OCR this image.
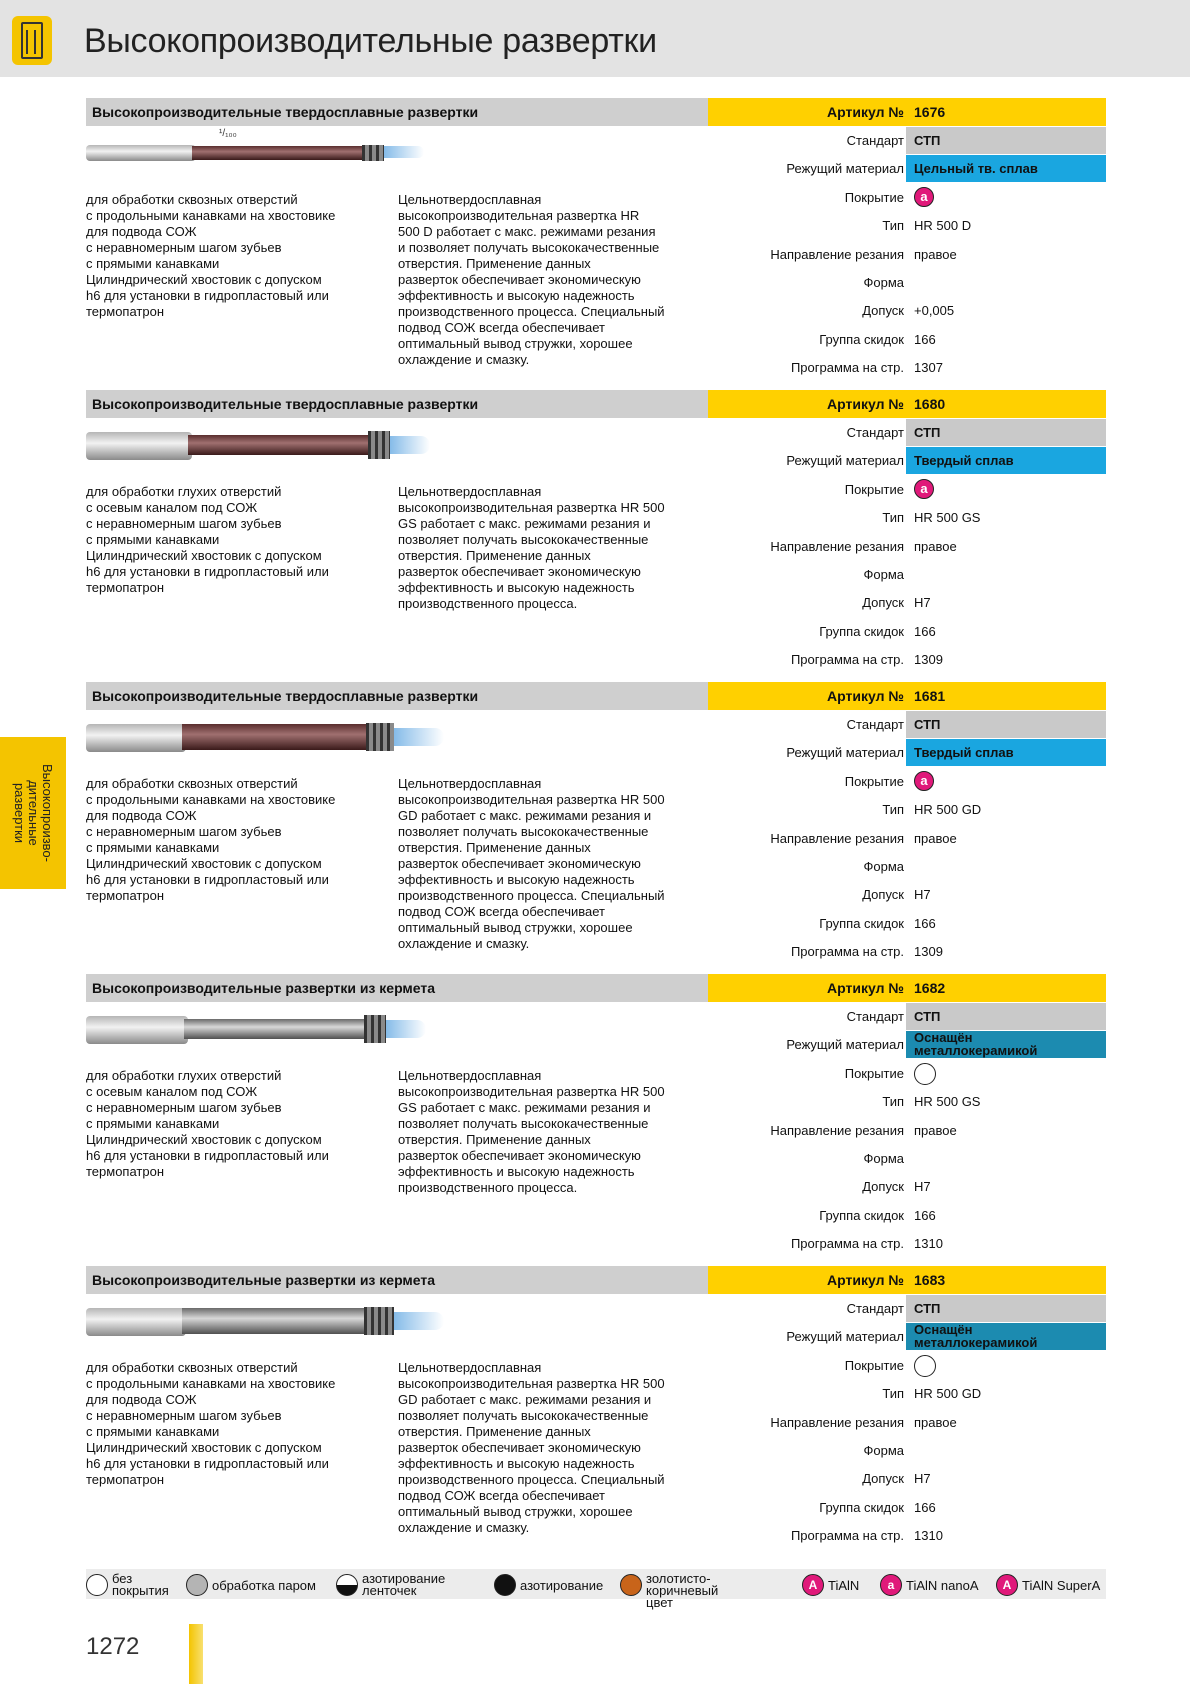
Высокопроизводительные развертки
Высокопроизво-
дительные
развертки
Высокопроизводительные твердосплавные развертки	Артикул № 1676
¹/₁₀₀
для обработки сквозных отверстий
с продольными канавками на хвостовике
для подвода СОЖ
с неравномерным шагом зубьев
с прямыми канавками
Цилиндрический хвостовик с допуском
h6 для установки в гидропластовый или
термопатрон
Цельнотвердосплавная
высокопроизводительная развертка HR
500 D работает с макс. режимами резания
и позволяет получать высококачественные
отверстия. Применение данных
разверток обеспечивает экономическую
эффективность и высокую надежность
производственного процесса. Специальный
подвод СОЖ всегда обеспечивает
оптимальный вывод стружки, хорошее
охлаждение и смазку.
Стандарт СТП
Режущий материал Цельный тв. сплав
Покрытие	a
Тип HR 500 D
Направление резания правое
Форма
Допуск +0,005
Группа скидок 166
Программа на стр. 1307
Высокопроизводительные твердосплавные развертки	Артикул № 1680
для обработки глухих отверстий
с осевым каналом под СОЖ
с неравномерным шагом зубьев
с прямыми канавками
Цилиндрический хвостовик с допуском
h6 для установки в гидропластовый или
термопатрон
Цельнотвердосплавная
высокопроизводительная развертка HR 500
GS работает с макс. режимами резания и
позволяет получать высококачественные
отверстия. Применение данных
разверток обеспечивает экономическую
эффективность и высокую надежность
производственного процесса.
Стандарт СТП
Режущий материал Твердый сплав
Покрытие	a
Тип HR 500 GS
Направление резания правое
Форма
Допуск H7
Группа скидок 166
Программа на стр. 1309
Высокопроизводительные твердосплавные развертки	Артикул № 1681
для обработки сквозных отверстий
с продольными канавками на хвостовике
для подвода СОЖ
с неравномерным шагом зубьев
с прямыми канавками
Цилиндрический хвостовик с допуском
h6 для установки в гидропластовый или
термопатрон
Цельнотвердосплавная
высокопроизводительная развертка HR 500
GD работает с макс. режимами резания и
позволяет получать высококачественные
отверстия. Применение данных
разверток обеспечивает экономическую
эффективность и высокую надежность
производственного процесса. Специальный
подвод СОЖ всегда обеспечивает
оптимальный вывод стружки, хорошее
охлаждение и смазку.
Стандарт СТП
Режущий материал Твердый сплав
Покрытие	a
Тип HR 500 GD
Направление резания правое
Форма
Допуск H7
Группа скидок 166
Программа на стр. 1309
Высокопроизводительные развертки из кермета	Артикул № 1682
для обработки глухих отверстий
с осевым каналом под СОЖ
с неравномерным шагом зубьев
с прямыми канавками
Цилиндрический хвостовик с допуском
h6 для установки в гидропластовый или
термопатрон
Цельнотвердосплавная
высокопроизводительная развертка HR 500
GS работает с макс. режимами резания и
позволяет получать высококачественные
отверстия. Применение данных
разверток обеспечивает экономическую
эффективность и высокую надежность
производственного процесса.
Стандарт СТП
Режущий материал Оснащён
металлокерамикой
Покрытие
Тип HR 500 GS
Направление резания правое
Форма
Допуск H7
Группа скидок 166
Программа на стр. 1310
Высокопроизводительные развертки из кермета	Артикул № 1683
для обработки сквозных отверстий
с продольными канавками на хвостовике
для подвода СОЖ
с неравномерным шагом зубьев
с прямыми канавками
Цилиндрический хвостовик с допуском
h6 для установки в гидропластовый или
термопатрон
Цельнотвердосплавная
высокопроизводительная развертка HR 500
GD работает с макс. режимами резания и
позволяет получать высококачественные
отверстия. Применение данных
разверток обеспечивает экономическую
эффективность и высокую надежность
производственного процесса. Специальный
подвод СОЖ всегда обеспечивает
оптимальный вывод стружки, хорошее
охлаждение и смазку.
Стандарт СТП
Режущий материал Оснащён
металлокерамикой
Покрытие
Тип HR 500 GD
Направление резания правое
Форма
Допуск H7
Группа скидок 166
Программа на стр. 1310
без
покрытия	обработка паром	азотирование
ленточек	азотирование	золотисто-коричневый
цвет
A TiAlN	a TiAlN nanoA	A TiAlN SuperA
1272
